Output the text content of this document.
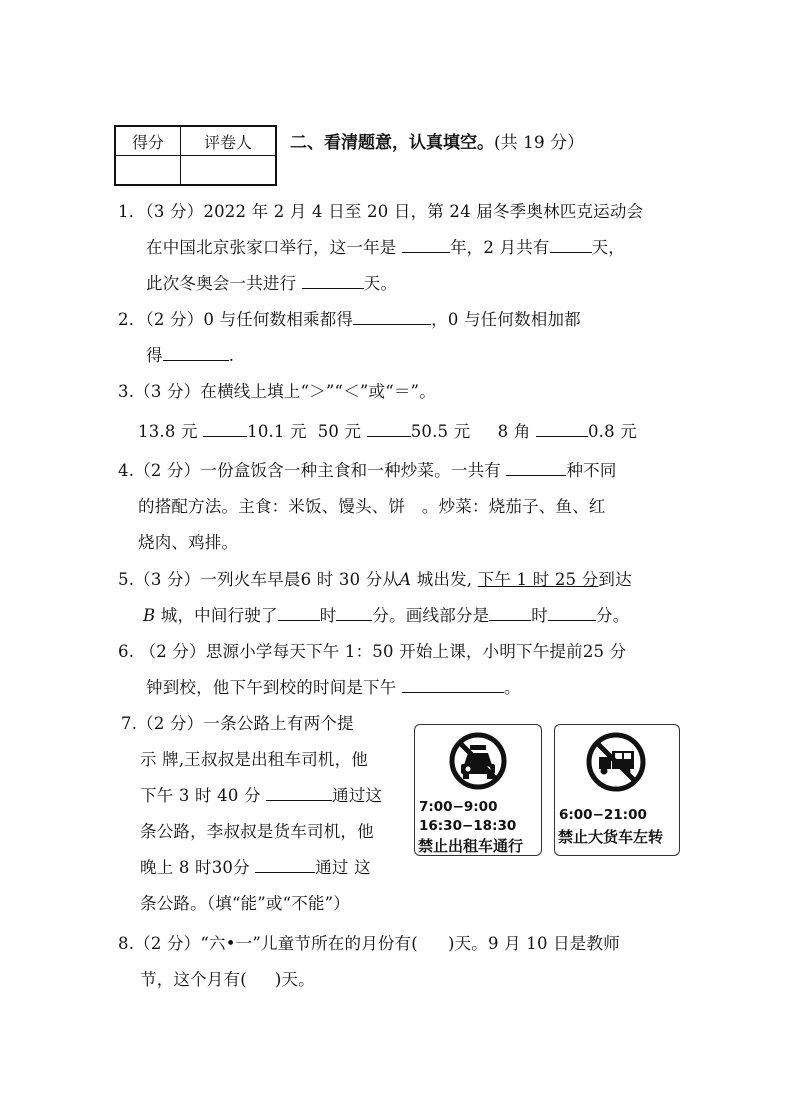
得分	评卷人
	二、看清题意，认真填空。(共 19 分）
1．（3 分）2022 年 2 月 4 日至 20 日，第 24 届冬季奥林匹克运动会
在中国北京张家口举行，这一年是	年，2 月共有	天，
此次冬奥会一共进行	天。
2．（2 分）0 与任何数相乘都得	，0 与任何数相加都
得	.
3.（3 分）在横线上填上“＞”“＜”或“＝”。
13.8 元	10.1 元 50 元	50.5 元 8 角	0.8 元
4.（2 分）一份盒饭含一种主食和一种炒菜。一共有	种不同
的搭配方法。主食：米饭、馒头、饼　。炒菜：烧茄子、鱼、红
烧肉、鸡排。
5.（3 分）一列火车早晨6 时 30 分从A 城出发, 下午 1 时 25 分到达
B 城，中间行驶了	时 分。画线部分是	时	分。
6. （2 分）思源小学每天下午 1：50 开始上课，小明下午提前25 分
钟到校，他下午到校的时间是下午	。
7.（2 分）一条公路上有两个提
示 牌,王叔叔是出租车司机，他
下午 3 时 40 分	通过这
条公路，李叔叔是货车司机，他
晚上 8 时30分	通过 这
条公路。（填“能”或“不能”）
7:00−9:00
16:30−18:30
禁止出租车通行
6:00−21:00
禁止大货车左转
8.（2 分）“六•一”儿童节所在的月份有( )天。9 月 10 日是教师
节，这个月有( )天。
